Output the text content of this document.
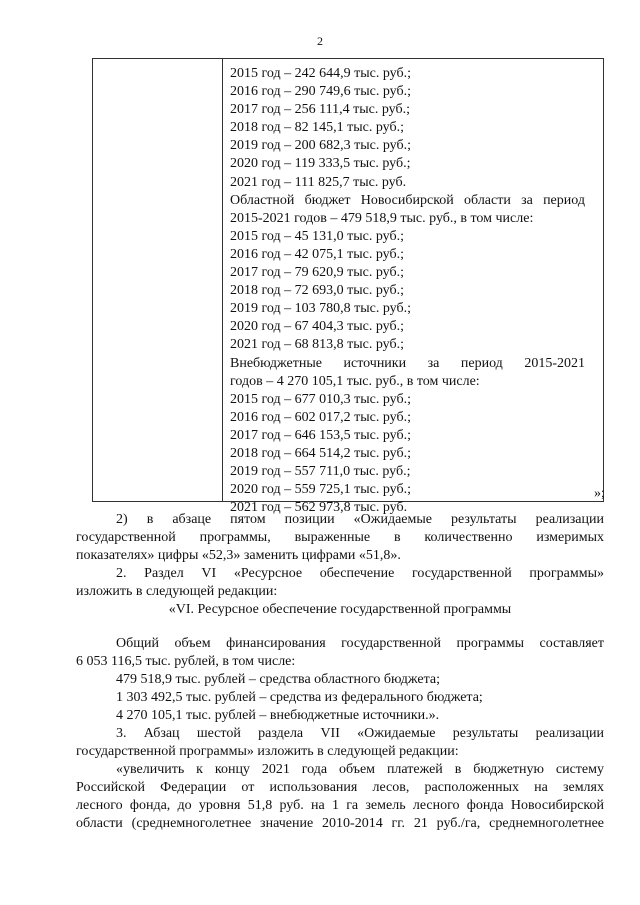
2
2015 год – 242 644,9 тыс. руб.;
2016 год – 290 749,6 тыс. руб.;
2017 год – 256 111,4 тыс. руб.;
2018 год – 82 145,1 тыс. руб.;
2019 год – 200 682,3 тыс. руб.;
2020 год – 119 333,5 тыс. руб.;
2021 год – 111 825,7 тыс. руб.
Областной бюджет Новосибирской области за период
2015-2021 годов – 479 518,9 тыс. руб., в том числе:
2015 год – 45 131,0 тыс. руб.;
2016 год – 42 075,1 тыс. руб.;
2017 год – 79 620,9 тыс. руб.;
2018 год – 72 693,0 тыс. руб.;
2019 год – 103 780,8 тыс. руб.;
2020 год – 67 404,3 тыс. руб.;
2021 год – 68 813,8 тыс. руб.;
Внебюджетные источники за период 2015-2021
годов – 4 270 105,1 тыс. руб., в том числе:
2015 год – 677 010,3 тыс. руб.;
2016 год – 602 017,2 тыс. руб.;
2017 год – 646 153,5 тыс. руб.;
2018 год – 664 514,2 тыс. руб.;
2019 год – 557 711,0 тыс. руб.;
2020 год – 559 725,1 тыс. руб.;
2021 год – 562 973,8 тыс. руб.
»;
2) в абзаце пятом позиции «Ожидаемые результаты реализации
государственной программы, выраженные в количественно измеримых
показателях» цифры «52,3» заменить цифрами «51,8».
2. Раздел VI «Ресурсное обеспечение государственной программы»
изложить в следующей редакции:
«VI. Ресурсное обеспечение государственной программы
Общий объем финансирования государственной программы составляет
6 053 116,5 тыс. рублей, в том числе:
479 518,9 тыс. рублей – средства областного бюджета;
1 303 492,5 тыс. рублей – средства из федерального бюджета;
4 270 105,1 тыс. рублей – внебюджетные источники.».
3. Абзац шестой раздела VII «Ожидаемые результаты реализации
государственной программы» изложить в следующей редакции:
«увеличить к концу 2021 года объем платежей в бюджетную систему
Российской Федерации от использования лесов, расположенных на землях
лесного фонда, до уровня 51,8 руб. на 1 га земель лесного фонда Новосибирской
области (среднемноголетнее значение 2010-2014 гг. 21 руб./га, среднемноголетнее
